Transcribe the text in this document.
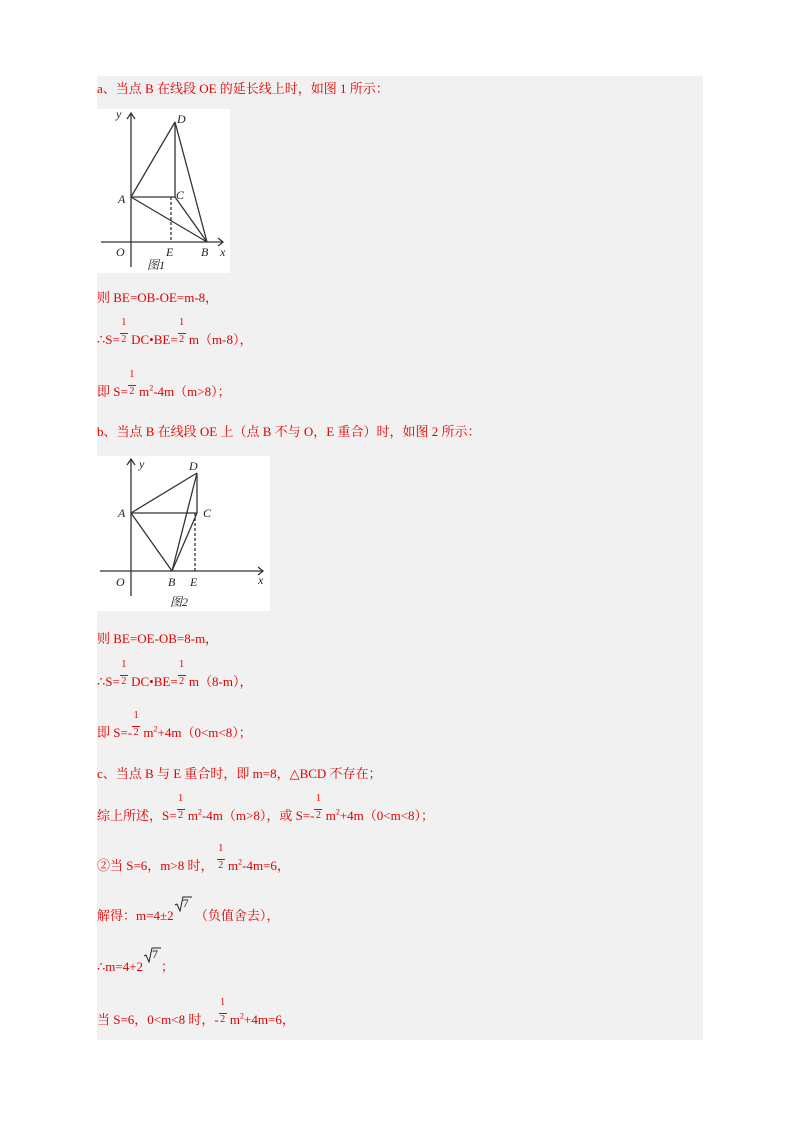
a、当点 B 在线段 OE 的延长线上时，如图 1 所示：
y	D
A	C
O	E B x
图1
则 BE=OB-OE=m-8，
∴S= $\frac{1}{2}$ DC•BE= $\frac{1}{2} m(m-8)$，
即 $S= \frac{1}{2} m^2-4m(m>8)$；
b、当点 B 在线段 OE 上（点 B 不与 O，E 重合）时，如图 2 所示：
y	D
A	C
O	B E	x
图2
则 BE=OE-OB=8-m，
∴S= $\frac{1}{2}$ DC•BE= $\frac{1}{2} m(8-m)$，
即 $S=- \frac{1}{2} m^2+4m(0<m<8)$；
c、当点 B 与 E 重合时，即 m=8，△BCD 不存在；
综上所述，$S= \frac{1}{2} m^2-4m(m>8)$，或 $S=- \frac{1}{2} m^2+4m(0<m<8)$；
②当 S=6，m>8 时， $\frac{1}{2} m^2-4m=6$，
解得：m=4±2
7
（负值舍去），
∴m=4+2
7
；
当 S=6，0<m<8 时，- $\frac{1}{2} m^2+4m=6$，
